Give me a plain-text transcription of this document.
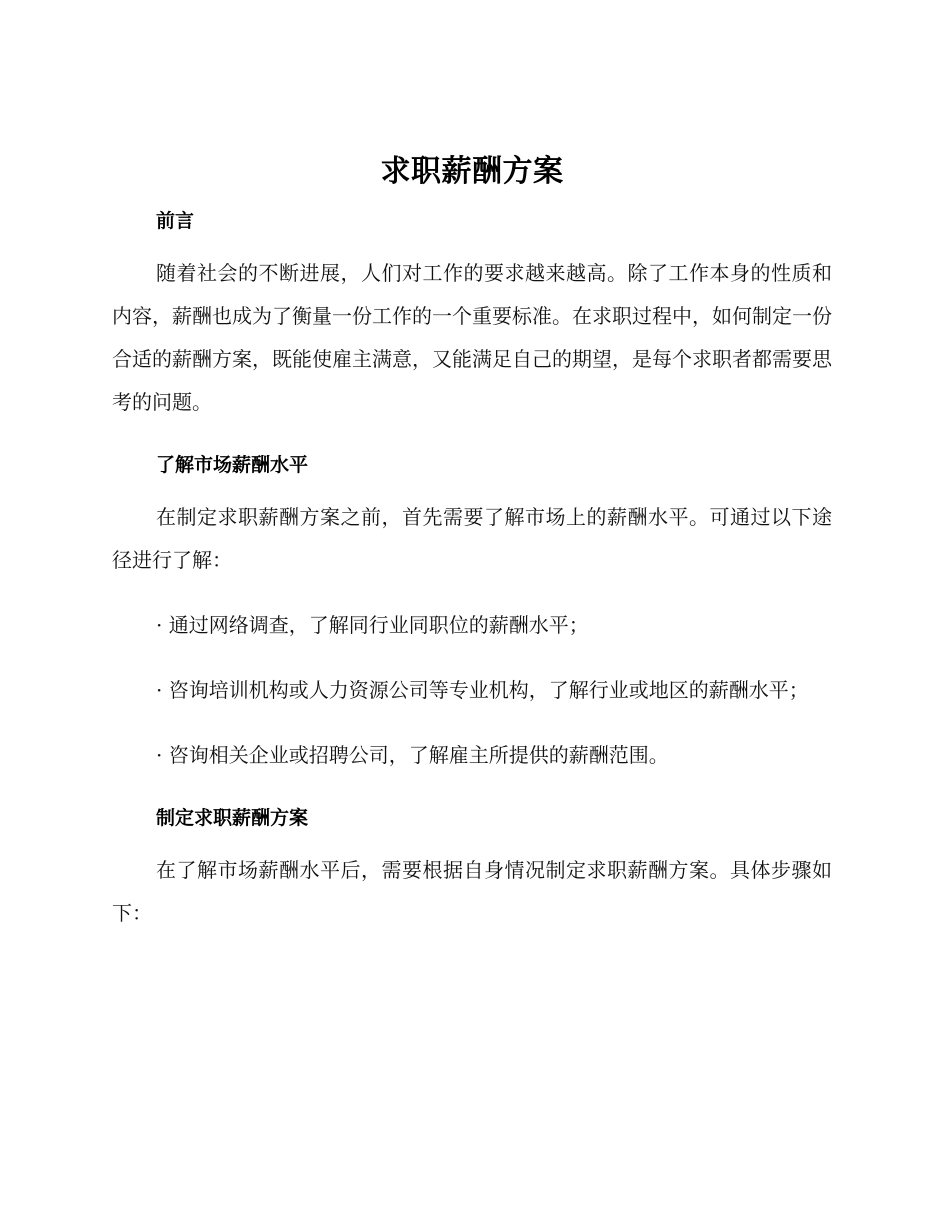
求职薪酬方案
前言

随着社会的不断进展，人们对工作的要求越来越高。除了工作本身的性质和内容，薪酬也成为了衡量一份工作的一个重要标准。在求职过程中，如何制定一份合适的薪酬方案，既能使雇主满意，又能满足自己的期望，是每个求职者都需要思考的问题。

了解市场薪酬水平

在制定求职薪酬方案之前，首先需要了解市场上的薪酬水平。可通过以下途径进行了解：

· 通过网络调查，了解同行业同职位的薪酬水平；

· 咨询培训机构或人力资源公司等专业机构，了解行业或地区的薪酬水平；

· 咨询相关企业或招聘公司，了解雇主所提供的薪酬范围。

制定求职薪酬方案

在了解市场薪酬水平后，需要根据自身情况制定求职薪酬方案。具体步骤如下：
